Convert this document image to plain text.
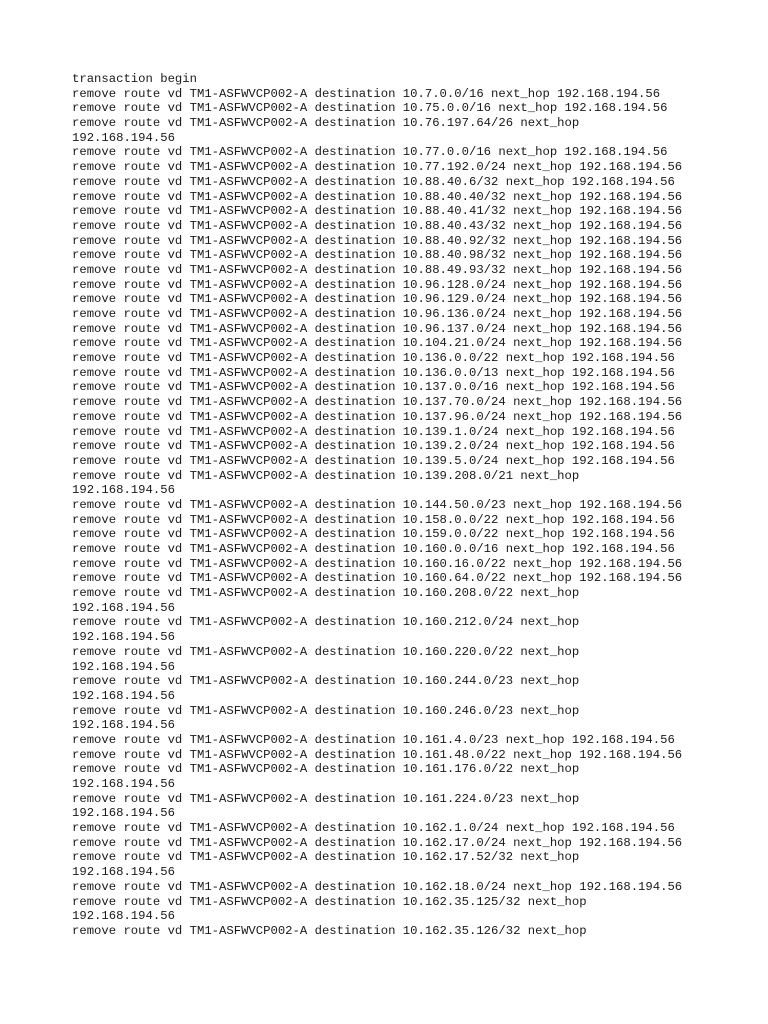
transaction begin
remove route vd TM1-ASFWVCP002-A destination 10.7.0.0/16 next_hop 192.168.194.56
remove route vd TM1-ASFWVCP002-A destination 10.75.0.0/16 next_hop 192.168.194.56
remove route vd TM1-ASFWVCP002-A destination 10.76.197.64/26 next_hop
192.168.194.56
remove route vd TM1-ASFWVCP002-A destination 10.77.0.0/16 next_hop 192.168.194.56
remove route vd TM1-ASFWVCP002-A destination 10.77.192.0/24 next_hop 192.168.194.56
remove route vd TM1-ASFWVCP002-A destination 10.88.40.6/32 next_hop 192.168.194.56
remove route vd TM1-ASFWVCP002-A destination 10.88.40.40/32 next_hop 192.168.194.56
remove route vd TM1-ASFWVCP002-A destination 10.88.40.41/32 next_hop 192.168.194.56
remove route vd TM1-ASFWVCP002-A destination 10.88.40.43/32 next_hop 192.168.194.56
remove route vd TM1-ASFWVCP002-A destination 10.88.40.92/32 next_hop 192.168.194.56
remove route vd TM1-ASFWVCP002-A destination 10.88.40.98/32 next_hop 192.168.194.56
remove route vd TM1-ASFWVCP002-A destination 10.88.49.93/32 next_hop 192.168.194.56
remove route vd TM1-ASFWVCP002-A destination 10.96.128.0/24 next_hop 192.168.194.56
remove route vd TM1-ASFWVCP002-A destination 10.96.129.0/24 next_hop 192.168.194.56
remove route vd TM1-ASFWVCP002-A destination 10.96.136.0/24 next_hop 192.168.194.56
remove route vd TM1-ASFWVCP002-A destination 10.96.137.0/24 next_hop 192.168.194.56
remove route vd TM1-ASFWVCP002-A destination 10.104.21.0/24 next_hop 192.168.194.56
remove route vd TM1-ASFWVCP002-A destination 10.136.0.0/22 next_hop 192.168.194.56
remove route vd TM1-ASFWVCP002-A destination 10.136.0.0/13 next_hop 192.168.194.56
remove route vd TM1-ASFWVCP002-A destination 10.137.0.0/16 next_hop 192.168.194.56
remove route vd TM1-ASFWVCP002-A destination 10.137.70.0/24 next_hop 192.168.194.56
remove route vd TM1-ASFWVCP002-A destination 10.137.96.0/24 next_hop 192.168.194.56
remove route vd TM1-ASFWVCP002-A destination 10.139.1.0/24 next_hop 192.168.194.56
remove route vd TM1-ASFWVCP002-A destination 10.139.2.0/24 next_hop 192.168.194.56
remove route vd TM1-ASFWVCP002-A destination 10.139.5.0/24 next_hop 192.168.194.56
remove route vd TM1-ASFWVCP002-A destination 10.139.208.0/21 next_hop
192.168.194.56
remove route vd TM1-ASFWVCP002-A destination 10.144.50.0/23 next_hop 192.168.194.56
remove route vd TM1-ASFWVCP002-A destination 10.158.0.0/22 next_hop 192.168.194.56
remove route vd TM1-ASFWVCP002-A destination 10.159.0.0/22 next_hop 192.168.194.56
remove route vd TM1-ASFWVCP002-A destination 10.160.0.0/16 next_hop 192.168.194.56
remove route vd TM1-ASFWVCP002-A destination 10.160.16.0/22 next_hop 192.168.194.56
remove route vd TM1-ASFWVCP002-A destination 10.160.64.0/22 next_hop 192.168.194.56
remove route vd TM1-ASFWVCP002-A destination 10.160.208.0/22 next_hop
192.168.194.56
remove route vd TM1-ASFWVCP002-A destination 10.160.212.0/24 next_hop
192.168.194.56
remove route vd TM1-ASFWVCP002-A destination 10.160.220.0/22 next_hop
192.168.194.56
remove route vd TM1-ASFWVCP002-A destination 10.160.244.0/23 next_hop
192.168.194.56
remove route vd TM1-ASFWVCP002-A destination 10.160.246.0/23 next_hop
192.168.194.56
remove route vd TM1-ASFWVCP002-A destination 10.161.4.0/23 next_hop 192.168.194.56
remove route vd TM1-ASFWVCP002-A destination 10.161.48.0/22 next_hop 192.168.194.56
remove route vd TM1-ASFWVCP002-A destination 10.161.176.0/22 next_hop
192.168.194.56
remove route vd TM1-ASFWVCP002-A destination 10.161.224.0/23 next_hop
192.168.194.56
remove route vd TM1-ASFWVCP002-A destination 10.162.1.0/24 next_hop 192.168.194.56
remove route vd TM1-ASFWVCP002-A destination 10.162.17.0/24 next_hop 192.168.194.56
remove route vd TM1-ASFWVCP002-A destination 10.162.17.52/32 next_hop
192.168.194.56
remove route vd TM1-ASFWVCP002-A destination 10.162.18.0/24 next_hop 192.168.194.56
remove route vd TM1-ASFWVCP002-A destination 10.162.35.125/32 next_hop
192.168.194.56
remove route vd TM1-ASFWVCP002-A destination 10.162.35.126/32 next_hop
